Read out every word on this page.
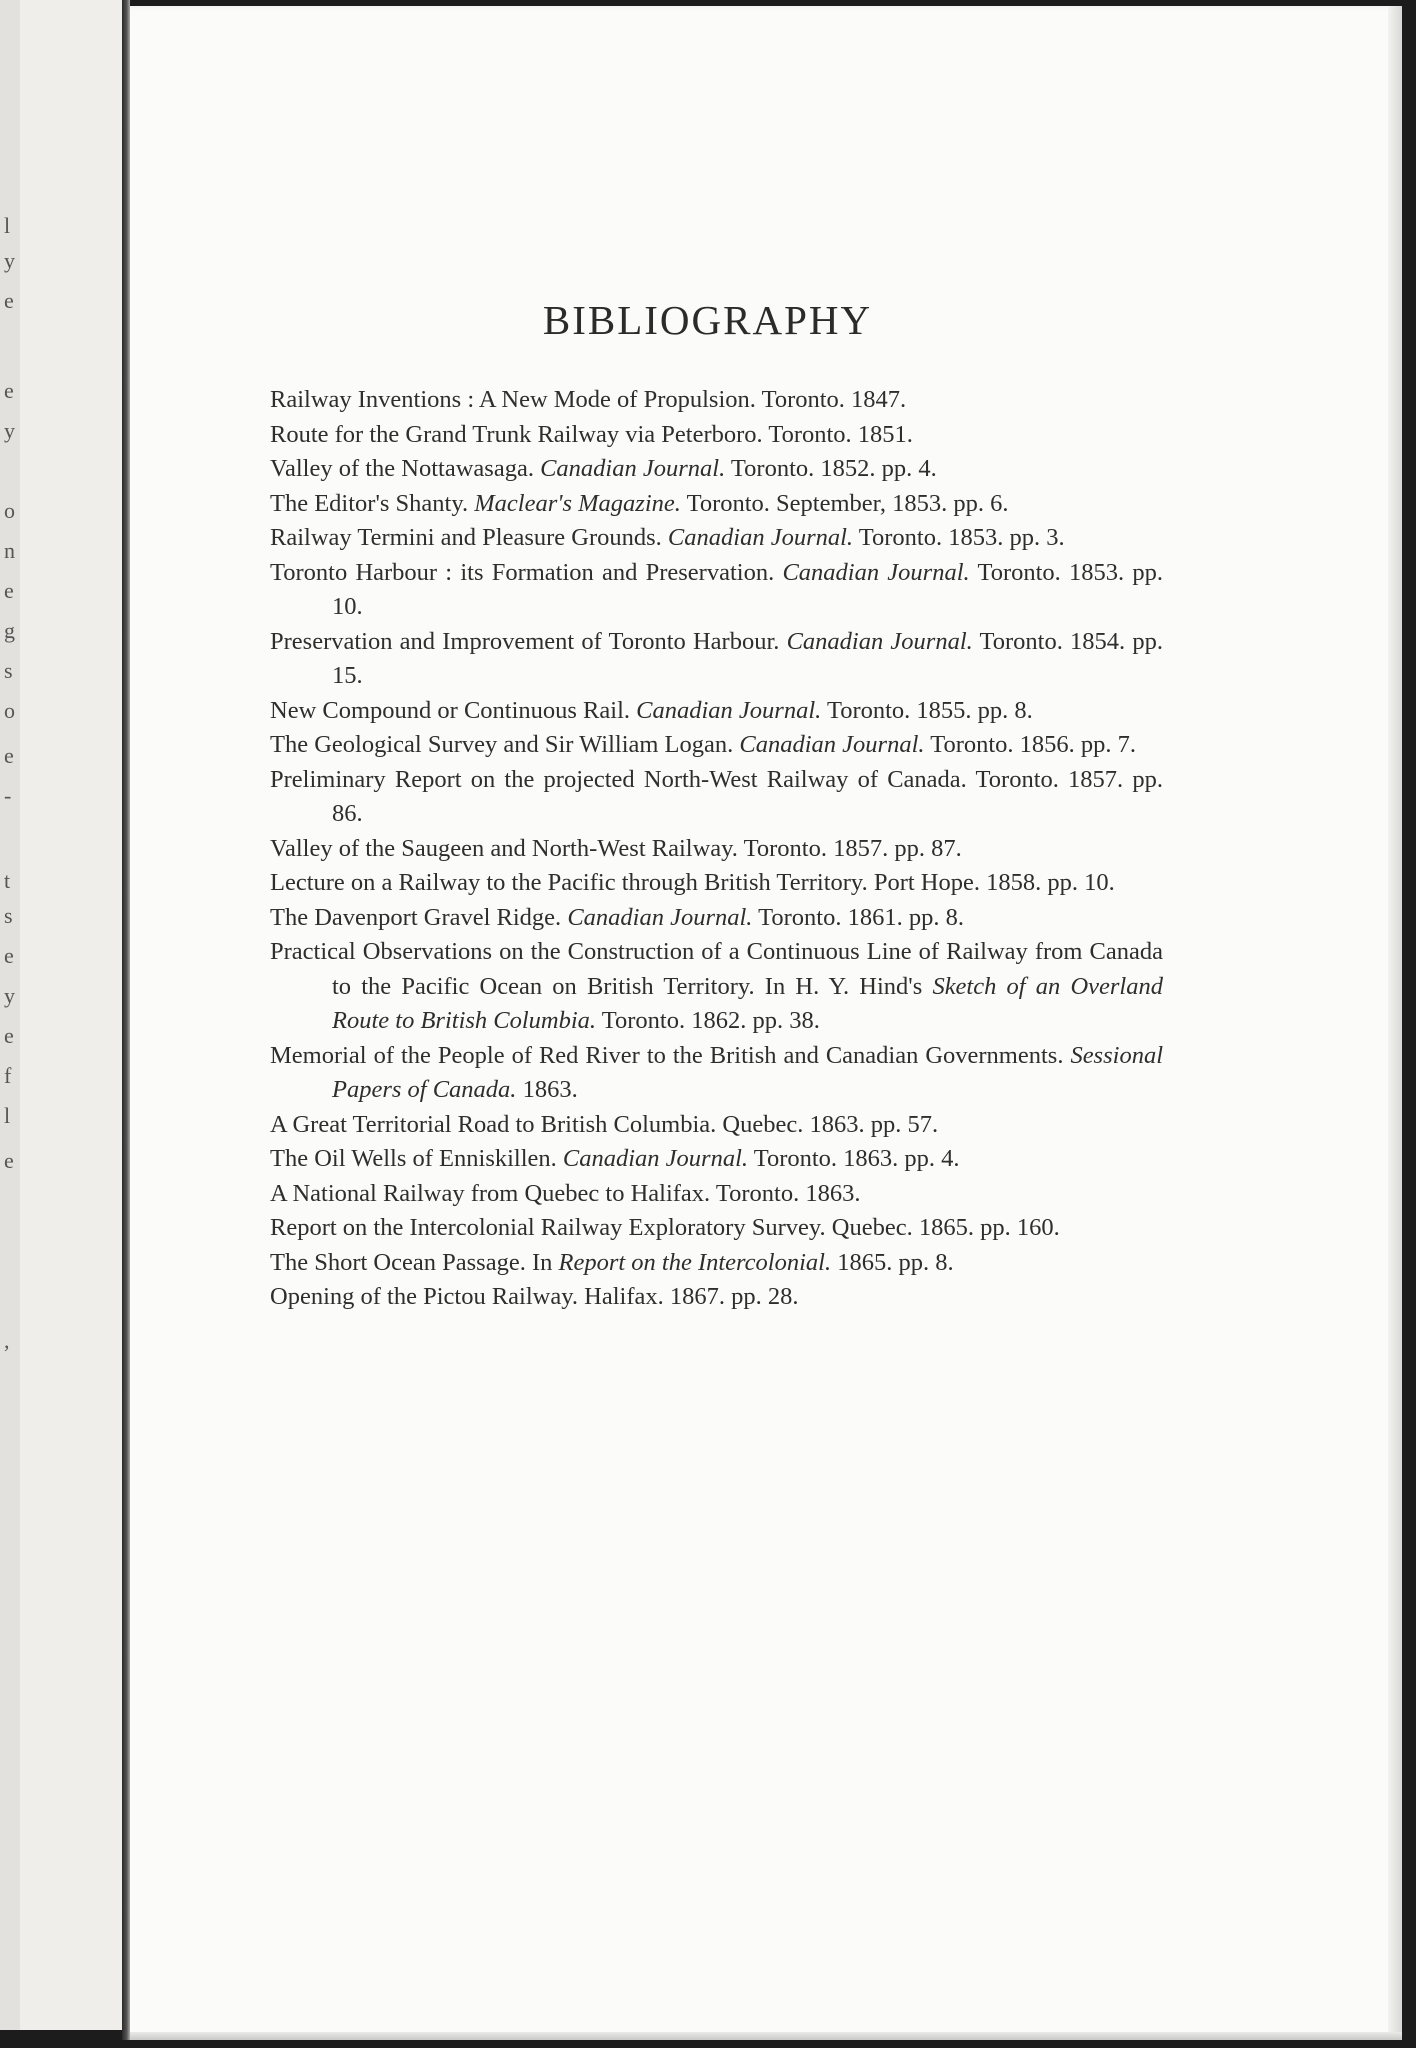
l
y
e
e
y
o
n
e
g
s
o
e
-
t
s
e
y
e
f
l
e
,
BIBLIOGRAPHY
Railway Inventions : A New Mode of Propulsion. Toronto. 1847.
Route for the Grand Trunk Railway via Peterboro. Toronto. 1851.
Valley of the Nottawasaga. Canadian Journal. Toronto. 1852. pp. 4.
The Editor's Shanty. Maclear's Magazine. Toronto. September, 1853. pp. 6.
Railway Termini and Pleasure Grounds. Canadian Journal. Toronto. 1853. pp. 3.
Toronto Harbour : its Formation and Preservation. Canadian Journal. Toronto. 1853. pp. 10.
Preservation and Improvement of Toronto Harbour. Canadian Journal. Toronto. 1854. pp. 15.
New Compound or Continuous Rail. Canadian Journal. Toronto. 1855. pp. 8.
The Geological Survey and Sir William Logan. Canadian Journal. Toronto. 1856. pp. 7.
Preliminary Report on the projected North-West Railway of Canada. Toronto. 1857. pp. 86.
Valley of the Saugeen and North-West Railway. Toronto. 1857. pp. 87.
Lecture on a Railway to the Pacific through British Territory. Port Hope. 1858. pp. 10.
The Davenport Gravel Ridge. Canadian Journal. Toronto. 1861. pp. 8.
Practical Observations on the Construction of a Continuous Line of Railway from Canada to the Pacific Ocean on British Territory. In H. Y. Hind's Sketch of an Overland Route to British Columbia. Toronto. 1862. pp. 38.
Memorial of the People of Red River to the British and Canadian Governments. Sessional Papers of Canada. 1863.
A Great Territorial Road to British Columbia. Quebec. 1863. pp. 57.
The Oil Wells of Enniskillen. Canadian Journal. Toronto. 1863. pp. 4.
A National Railway from Quebec to Halifax. Toronto. 1863.
Report on the Intercolonial Railway Exploratory Survey. Quebec. 1865. pp. 160.
The Short Ocean Passage. In Report on the Intercolonial. 1865. pp. 8.
Opening of the Pictou Railway. Halifax. 1867. pp. 28.
